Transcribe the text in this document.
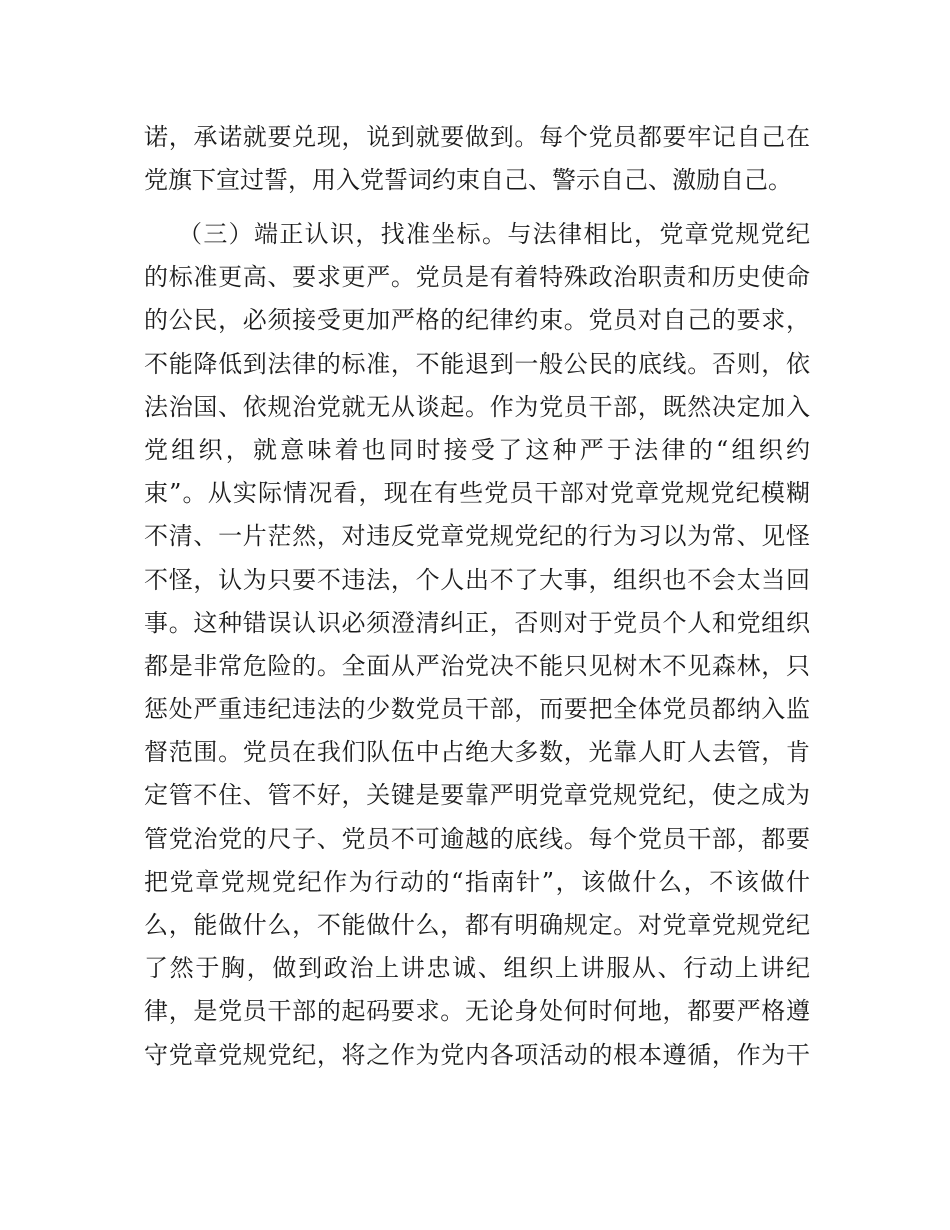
诺，承诺就要兑现，说到就要做到。每个党员都要牢记自己在
党旗下宣过誓，用入党誓词约束自己、警示自己、激励自己。
（三）端正认识，找准坐标。与法律相比，党章党规党纪
的标准更高、要求更严。党员是有着特殊政治职责和历史使命
的公民，必须接受更加严格的纪律约束。党员对自己的要求，
不能降低到法律的标准，不能退到一般公民的底线。否则，依
法治国、依规治党就无从谈起。作为党员干部，既然决定加入
党组织，就意味着也同时接受了这种严于法律的“组织约
束”。从实际情况看，现在有些党员干部对党章党规党纪模糊
不清、一片茫然，对违反党章党规党纪的行为习以为常、见怪
不怪，认为只要不违法，个人出不了大事，组织也不会太当回
事。这种错误认识必须澄清纠正，否则对于党员个人和党组织
都是非常危险的。全面从严治党决不能只见树木不见森林，只
惩处严重违纪违法的少数党员干部，而要把全体党员都纳入监
督范围。党员在我们队伍中占绝大多数，光靠人盯人去管，肯
定管不住、管不好，关键是要靠严明党章党规党纪，使之成为
管党治党的尺子、党员不可逾越的底线。每个党员干部，都要
把党章党规党纪作为行动的“指南针”，该做什么，不该做什
么，能做什么，不能做什么，都有明确规定。对党章党规党纪
了然于胸，做到政治上讲忠诚、组织上讲服从、行动上讲纪
律，是党员干部的起码要求。无论身处何时何地，都要严格遵
守党章党规党纪，将之作为党内各项活动的根本遵循，作为干
